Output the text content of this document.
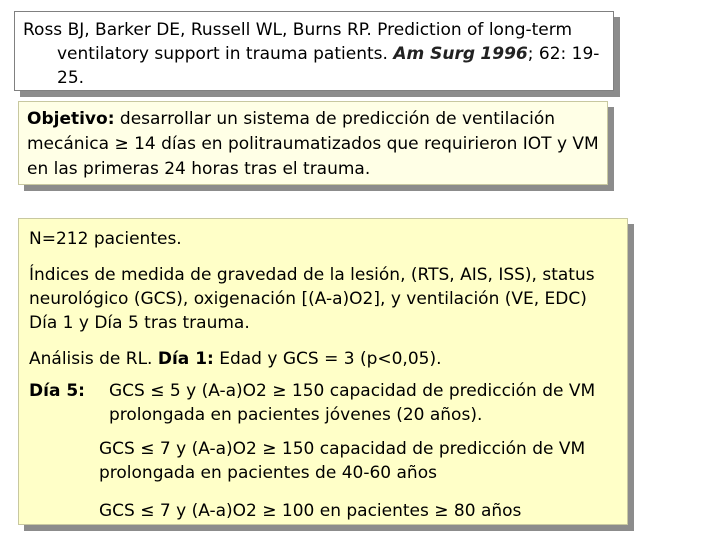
Ross BJ, Barker DE, Russell WL, Burns RP. Prediction of long-term ventilatory support in trauma patients. Am Surg 1996; 62: 19-25.

Objetivo: desarrollar un sistema de predicción de ventilación mecánica ≥ 14 días en politraumatizados que requirieron IOT y VM en las primeras 24 horas tras el trauma.

N=212 pacientes.

Índices de medida de gravedad de la lesión, (RTS, AIS, ISS), status neurológico (GCS), oxigenación [(A-a)O2], y ventilación (VE, EDC) Día 1 y Día 5 tras trauma.

Análisis de RL. Día 1: Edad y GCS = 3 (p<0,05).

Día 5:	GCS ≤ 5 y (A-a)O2 ≥ 150 capacidad de predicción de VM prolongada en pacientes jóvenes (20 años).

GCS ≤ 7 y (A-a)O2 ≥ 150 capacidad de predicción de VM prolongada en pacientes de 40-60 años

GCS ≤ 7 y (A-a)O2 ≥ 100 en pacientes ≥ 80 años
